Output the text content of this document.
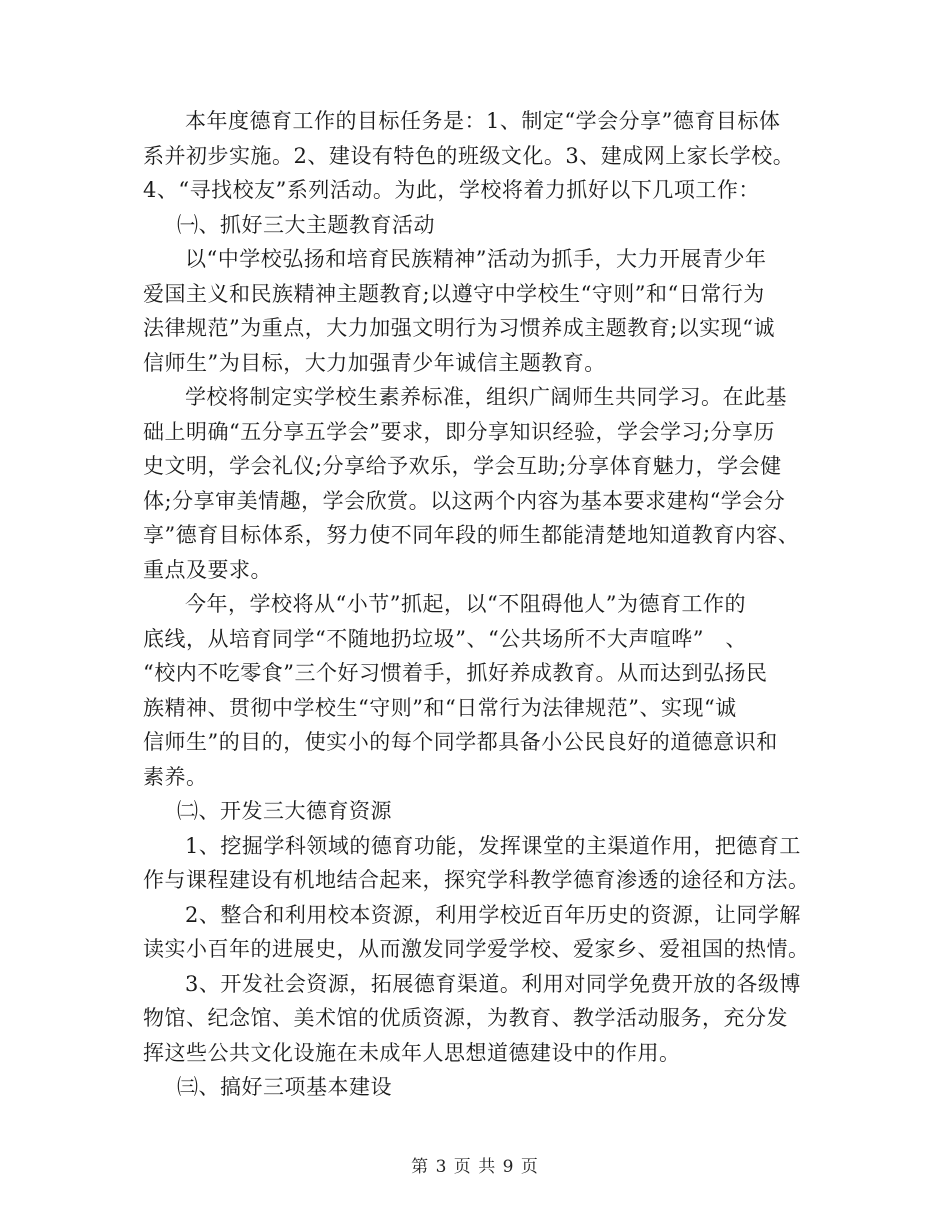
本年度德育工作的目标任务是：1、制定“学会分享”德育目标体
系并初步实施。2、建设有特色的班级文化。3、建成网上家长学校。
4、“寻找校友”系列活动。为此，学校将着力抓好以下几项工作：

㈠、抓好三大主题教育活动

以“中学校弘扬和培育民族精神”活动为抓手，大力开展青少年
爱国主义和民族精神主题教育;以遵守中学校生“守则”和“日常行为
法律规范”为重点，大力加强文明行为习惯养成主题教育;以实现“诚
信师生”为目标，大力加强青少年诚信主题教育。

学校将制定实学校生素养标准，组织广阔师生共同学习。在此基
础上明确“五分享五学会”要求，即分享知识经验，学会学习;分享历
史文明，学会礼仪;分享给予欢乐，学会互助;分享体育魅力，学会健
体;分享审美情趣，学会欣赏。以这两个内容为基本要求建构“学会分
享”德育目标体系，努力使不同年段的师生都能清楚地知道教育内容、
重点及要求。

今年，学校将从“小节”抓起，以“不阻碍他人”为德育工作的
底线，从培育同学“不随地扔垃圾”、“公共场所不大声喧哗”　、
“校内不吃零食”三个好习惯着手，抓好养成教育。从而达到弘扬民
族精神、贯彻中学校生“守则”和“日常行为法律规范”、实现“诚
信师生”的目的，使实小的每个同学都具备小公民良好的道德意识和
素养。

㈡、开发三大德育资源

1、挖掘学科领域的德育功能，发挥课堂的主渠道作用，把德育工
作与课程建设有机地结合起来，探究学科教学德育渗透的途径和方法。

2、整合和利用校本资源，利用学校近百年历史的资源，让同学解
读实小百年的进展史，从而激发同学爱学校、爱家乡、爱祖国的热情。

3、开发社会资源，拓展德育渠道。利用对同学免费开放的各级博
物馆、纪念馆、美术馆的优质资源，为教育、教学活动服务，充分发
挥这些公共文化设施在未成年人思想道德建设中的作用。

㈢、搞好三项基本建设

第 3 页 共 9 页
